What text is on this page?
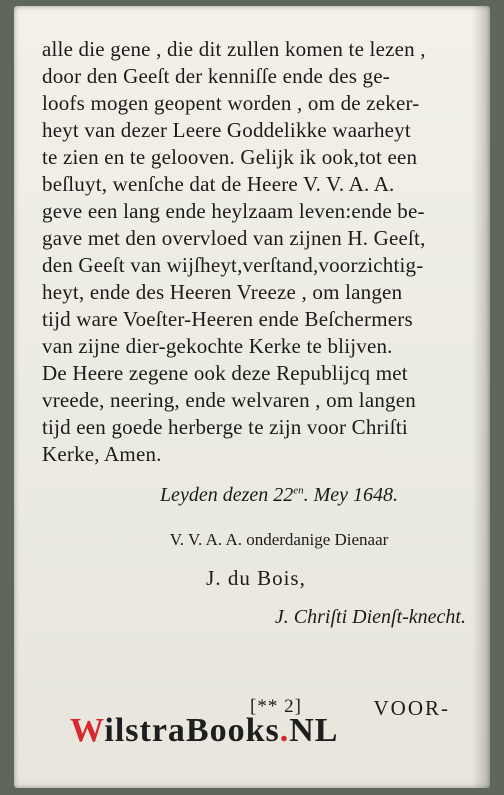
alle die gene , die dit zullen komen te lezen ,
door den Geeſt der kenniſſe ende des ge-
loofs mogen geopent worden , om de zeker-
heyt van dezer Leere Goddelikke waarheyt
te zien en te gelooven. Gelijk ik ook,tot een
beſluyt, wenſche dat de Heere V. V. A. A.
geve een lang ende heylzaam leven:ende be-
gave met den overvloed van zijnen H. Geeſt,
den Geeſt van wijſheyt,verſtand,voorzichtig-
heyt, ende des Heeren Vreeze , om langen
tijd ware Voeſter-Heeren ende Beſchermers
van zijne dier-gekochte Kerke te blijven.
De Heere zegene ook deze Republijcq met
vreede, neering, ende welvaren , om langen
tijd een goede herberge te zijn voor Chriſti
Kerke, Amen.
Leyden dezen $22^{en}$. Mey 1648.
V. V. A. A. onderdanige Dienaar
J. du Bois,
J. Chriſti Dienſt-knecht.
[** 2]	VOOR-
WilstraBooks.NL
